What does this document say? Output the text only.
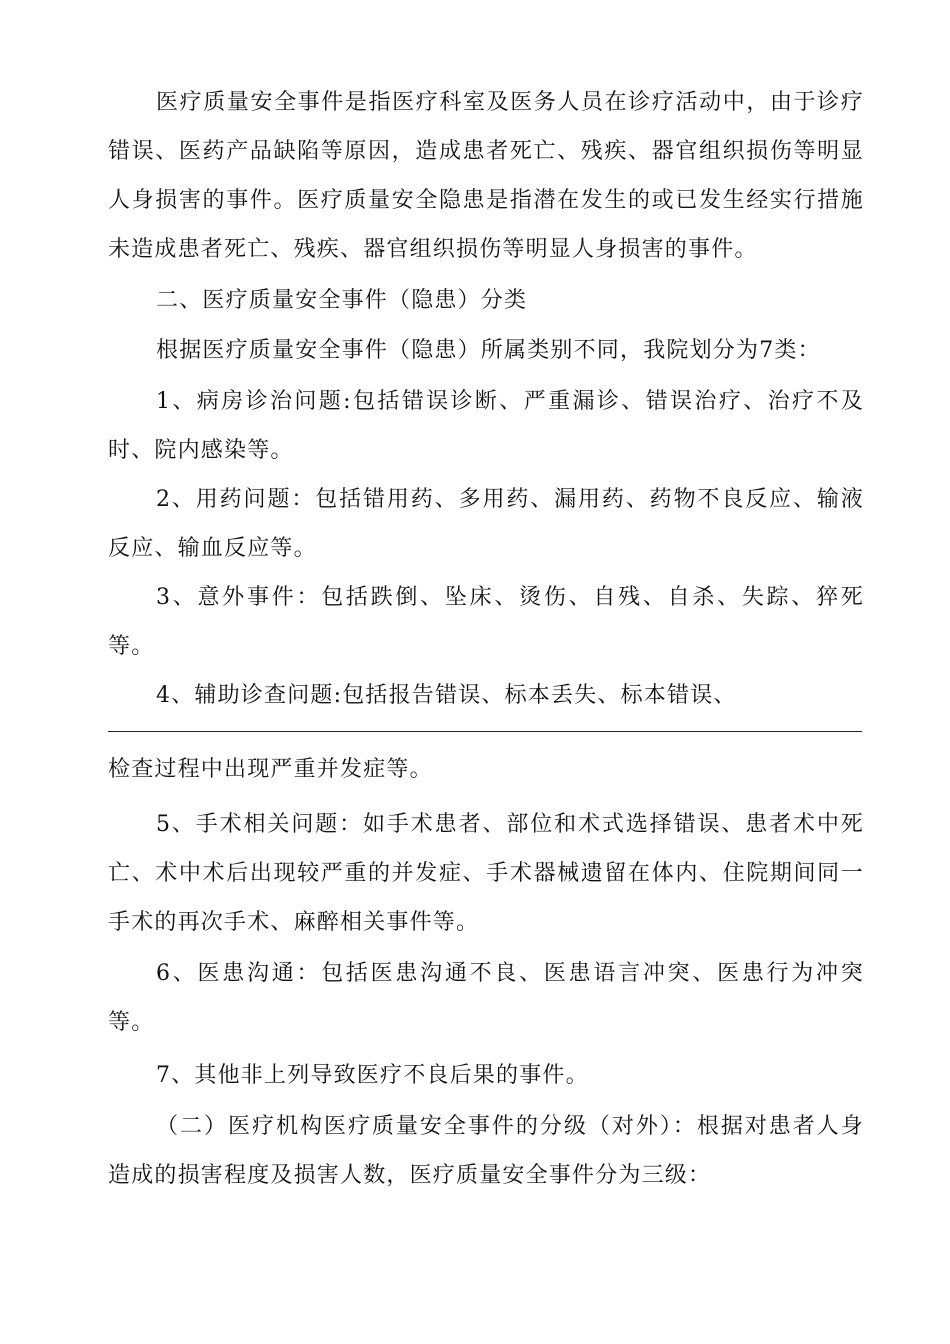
医疗质量安全事件是指医疗科室及医务人员在诊疗活动中，由于诊疗错误、医药产品缺陷等原因，造成患者死亡、残疾、器官组织损伤等明显人身损害的事件。医疗质量安全隐患是指潜在发生的或已发生经实行措施未造成患者死亡、残疾、器官组织损伤等明显人身损害的事件。

二、医疗质量安全事件（隐患）分类

根据医疗质量安全事件（隐患）所属类别不同，我院划分为7类：

1、病房诊治问题:包括错误诊断、严重漏诊、错误治疗、治疗不及时、院内感染等。

2、用药问题：包括错用药、多用药、漏用药、药物不良反应、输液反应、输血反应等。

3、意外事件：包括跌倒、坠床、烫伤、自残、自杀、失踪、猝死等。

4、辅助诊查问题:包括报告错误、标本丢失、标本错误、

检查过程中出现严重并发症等。

5、手术相关问题：如手术患者、部位和术式选择错误、患者术中死亡、术中术后出现较严重的并发症、手术器械遗留在体内、住院期间同一手术的再次手术、麻醉相关事件等。

6、医患沟通：包括医患沟通不良、医患语言冲突、医患行为冲突等。

7、其他非上列导致医疗不良后果的事件。

（二）医疗机构医疗质量安全事件的分级（对外）：根据对患者人身造成的损害程度及损害人数，医疗质量安全事件分为三级：
